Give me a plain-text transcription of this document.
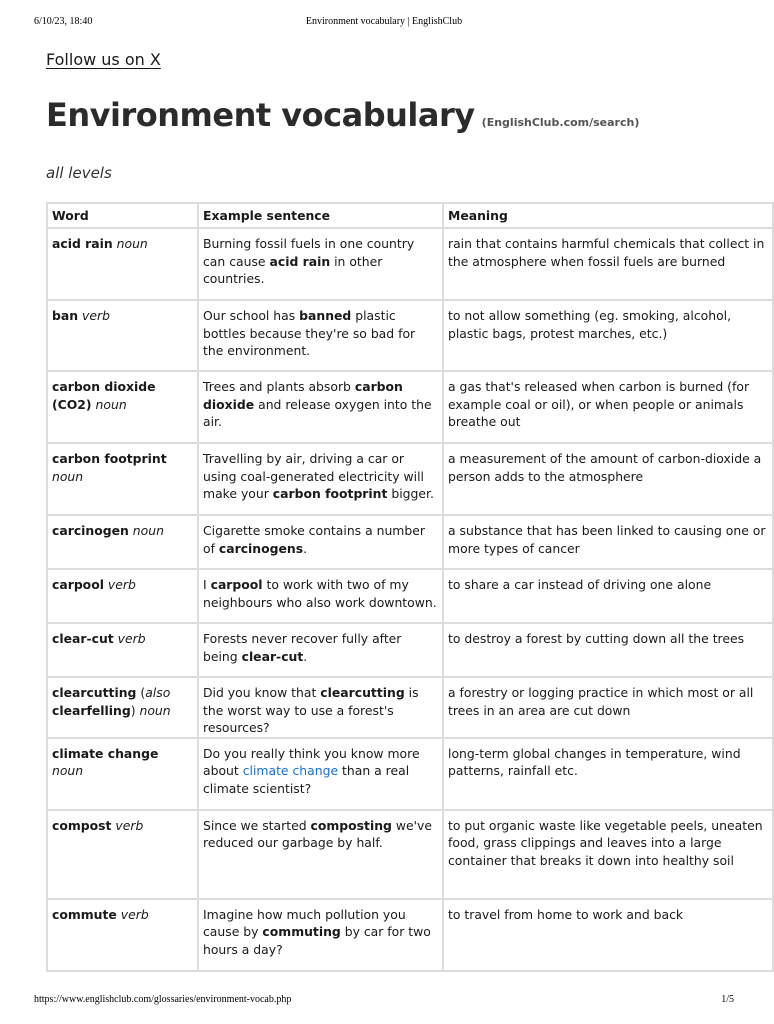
6/10/23, 18:40	Environment vocabulary | EnglishClub
Follow us on X
Environment vocabulary (EnglishClub.com/search)
all levels
Word	Example sentence	Meaning
acid rain noun	Burning fossil fuels in one country can cause acid rain in other countries.	rain that contains harmful chemicals that collect in the atmosphere when fossil fuels are burned
ban verb	Our school has banned plastic bottles because they're so bad for the environment.	to not allow something (eg. smoking, alcohol, plastic bags, protest marches, etc.)
carbon dioxide (CO2) noun	Trees and plants absorb carbon dioxide and release oxygen into the air.	a gas that's released when carbon is burned (for example coal or oil), or when people or animals breathe out
carbon footprint noun	Travelling by air, driving a car or using coal-generated electricity will make your carbon footprint bigger.	a measurement of the amount of carbon-dioxide a person adds to the atmosphere
carcinogen noun	Cigarette smoke contains a number of carcinogens.	a substance that has been linked to causing one or more types of cancer
carpool verb	I carpool to work with two of my neighbours who also work downtown.	to share a car instead of driving one alone
clear-cut verb	Forests never recover fully after being clear-cut.	to destroy a forest by cutting down all the trees
clearcutting (also clearfelling) noun	Did you know that clearcutting is the worst way to use a forest's resources?	a forestry or logging practice in which most or all trees in an area are cut down
climate change noun	Do you really think you know more about climate change than a real climate scientist?	long-term global changes in temperature, wind patterns, rainfall etc.
compost verb	Since we started composting we've reduced our garbage by half.	to put organic waste like vegetable peels, uneaten food, grass clippings and leaves into a large container that breaks it down into healthy soil
commute verb	Imagine how much pollution you cause by commuting by car for two hours a day?	to travel from home to work and back
https://www.englishclub.com/glossaries/environment-vocab.php	1/5
